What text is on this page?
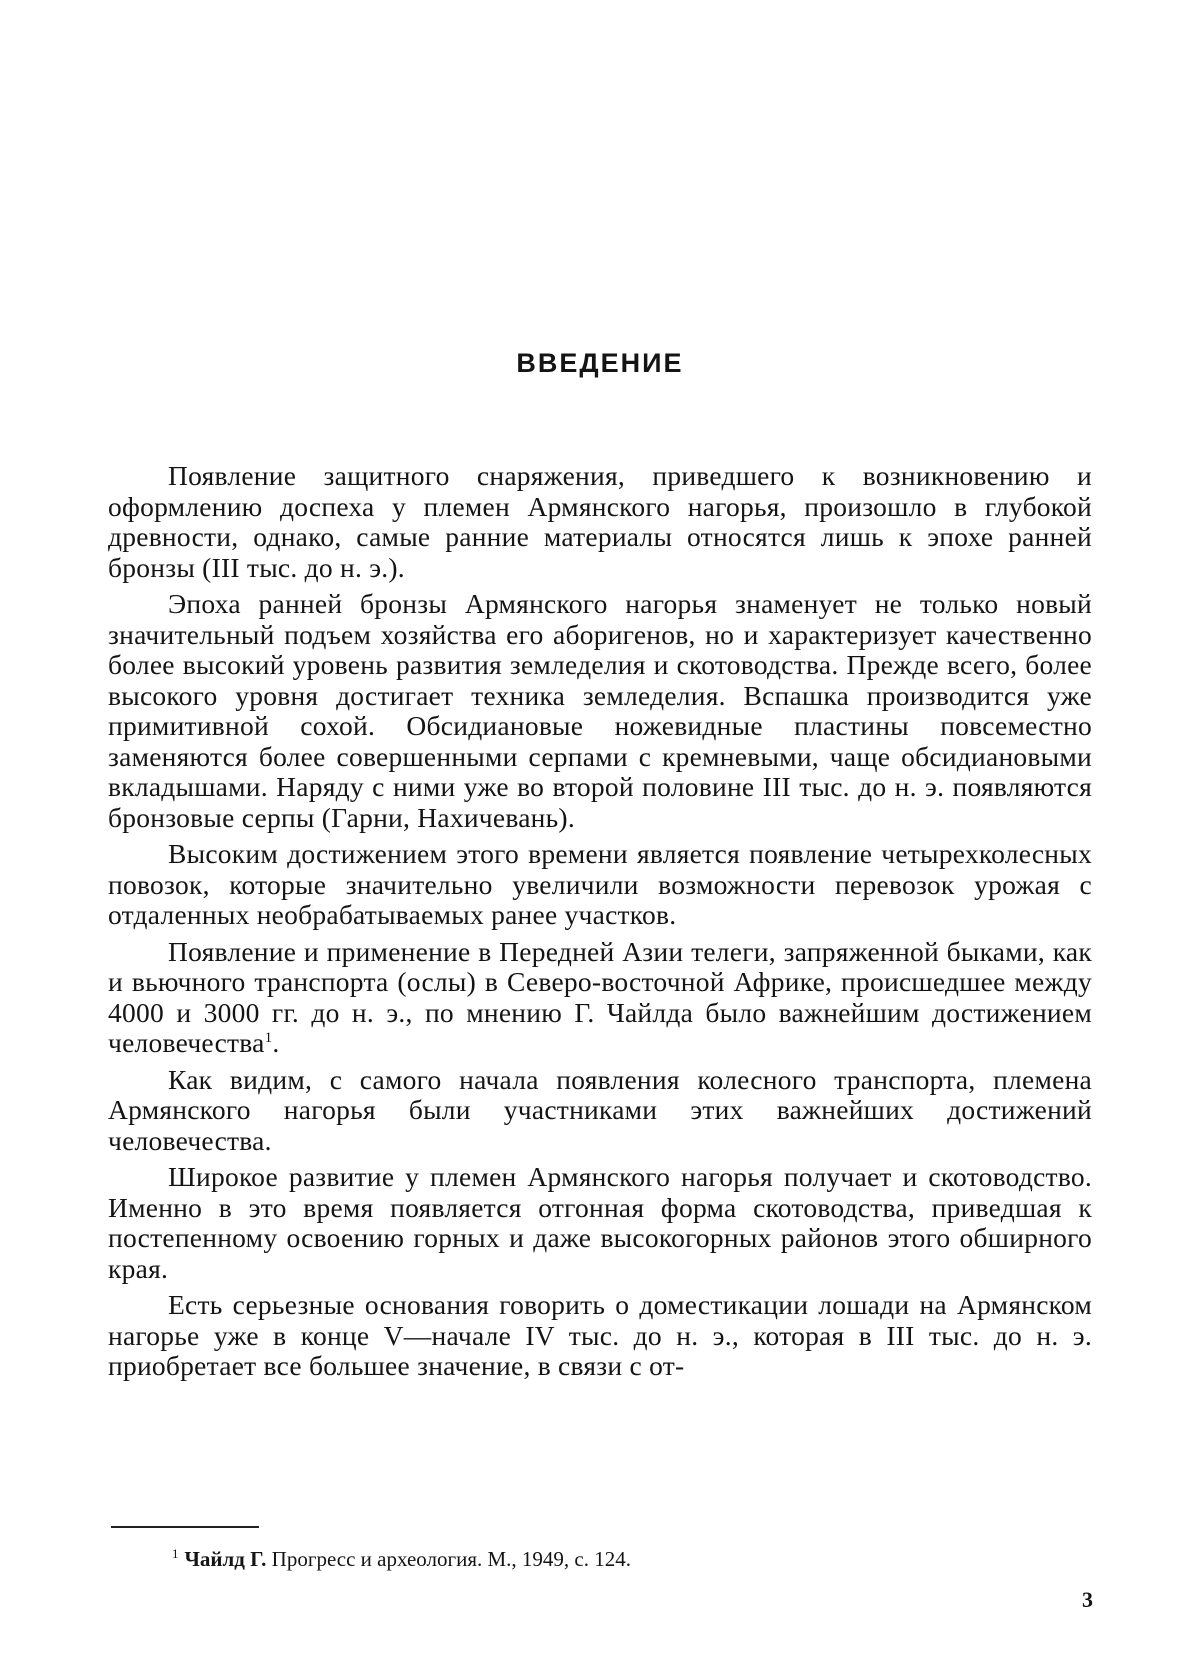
ВВЕДЕНИЕ

Появление защитного снаряжения, приведшего к возникновению и оформлению доспеха у племен Армянского нагорья, произошло в глубокой древности, однако, самые ранние материалы относятся лишь к эпохе ранней бронзы (III тыс. до н. э.).

Эпоха ранней бронзы Армянского нагорья знаменует не только новый значительный подъем хозяйства его аборигенов, но и характеризует качественно более высокий уровень развития земледелия и скотоводства. Прежде всего, более высокого уровня достигает техника земледелия. Вспашка производится уже примитивной сохой. Обсидиановые ножевидные пластины повсеместно заменяются более совершенными серпами с кремневыми, чаще обсидиановыми вкладышами. Наряду с ними уже во второй половине III тыс. до н. э. появляются бронзовые серпы (Гарни, Нахичевань).

Высоким достижением этого времени является появление четырехколесных повозок, которые значительно увеличили возможности перевозок урожая с отдаленных необрабатываемых ранее участков.

Появление и применение в Передней Азии телеги, запряженной быками, как и вьючного транспорта (ослы) в Северо-восточной Африке, происшедшее между 4000 и 3000 гг. до н. э., по мнению Г. Чайлда было важнейшим достижением человечества$^1$.

Как видим, с самого начала появления колесного транспорта, племена Армянского нагорья были участниками этих важнейших достижений человечества.

Широкое развитие у племен Армянского нагорья получает и скотоводство. Именно в это время появляется отгонная форма скотоводства, приведшая к постепенному освоению горных и даже высокогорных районов этого обширного края.

Есть серьезные основания говорить о доместикации лошади на Армянском нагорье уже в конце V—начале IV тыс. до н. э., которая в III тыс. до н. э. приобретает все большее значение, в связи с от-

$^1$ Чайлд Г. Прогресс и археология. М., 1949, с. 124.

3
